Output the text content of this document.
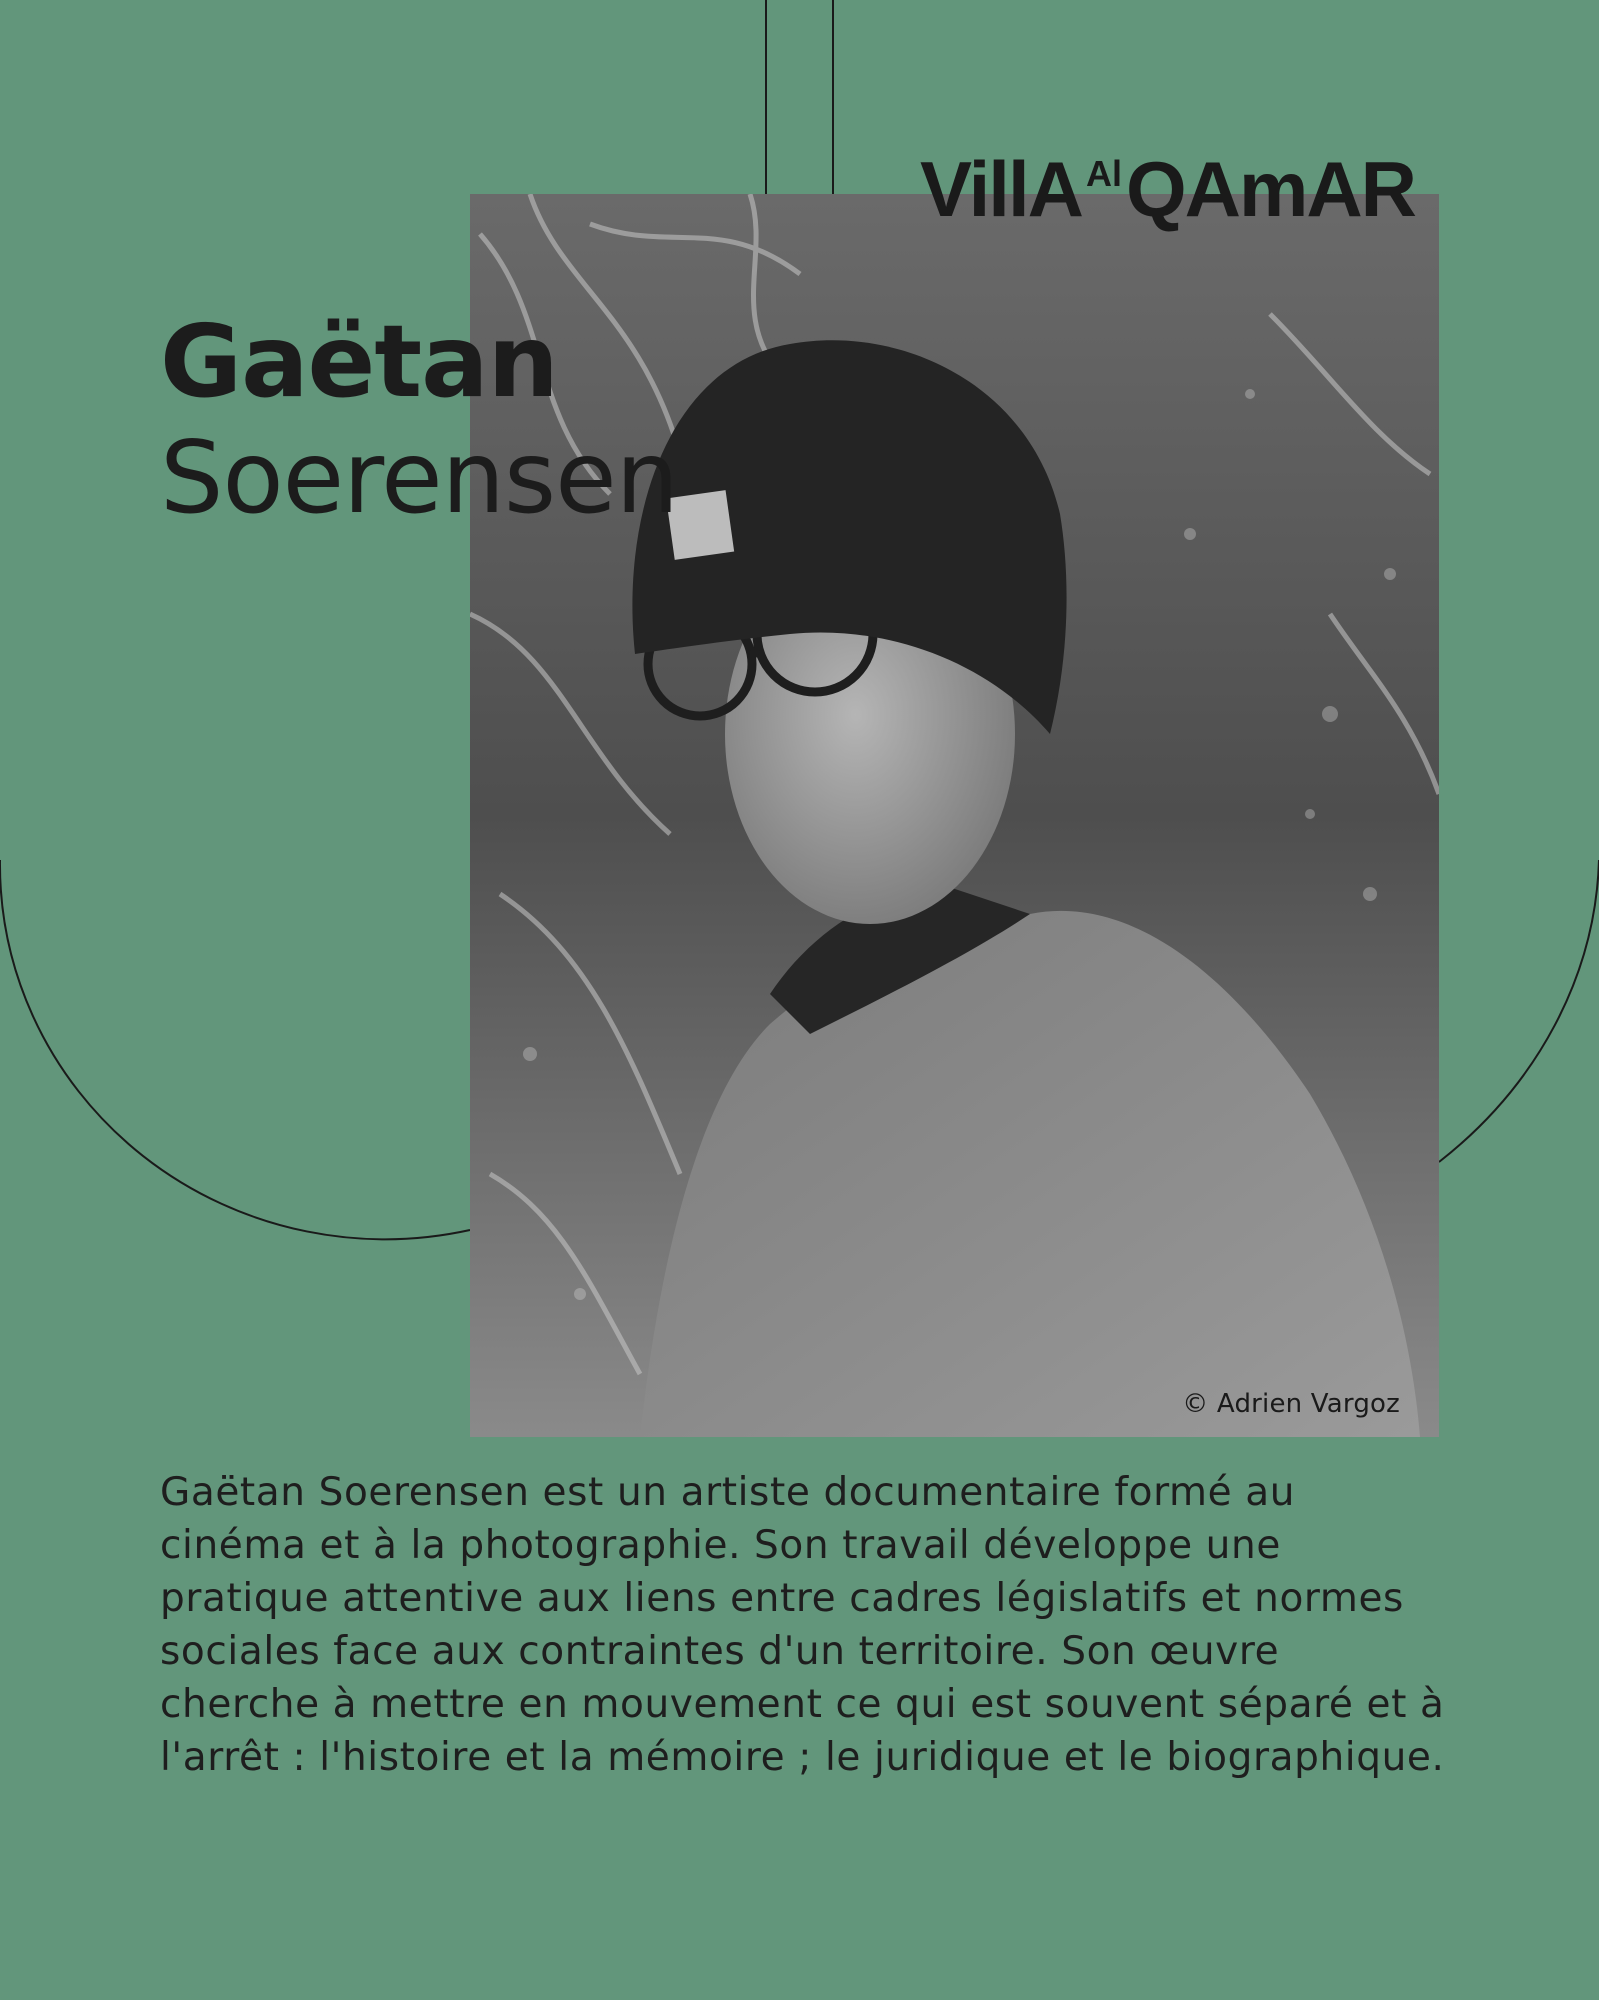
© Adrien Vargoz
VillA $^{Al}$QAmAR
Gaëtan
Soerensen

Gaëtan Soerensen est un artiste documentaire formé au cinéma et à la photographie. Son travail développe une pratique attentive aux liens entre cadres législatifs et normes sociales face aux contraintes d'un territoire. Son œuvre cherche à mettre en mouvement ce qui est souvent séparé et à l'arrêt : l'histoire et la mémoire ; le juridique et le biographique.
